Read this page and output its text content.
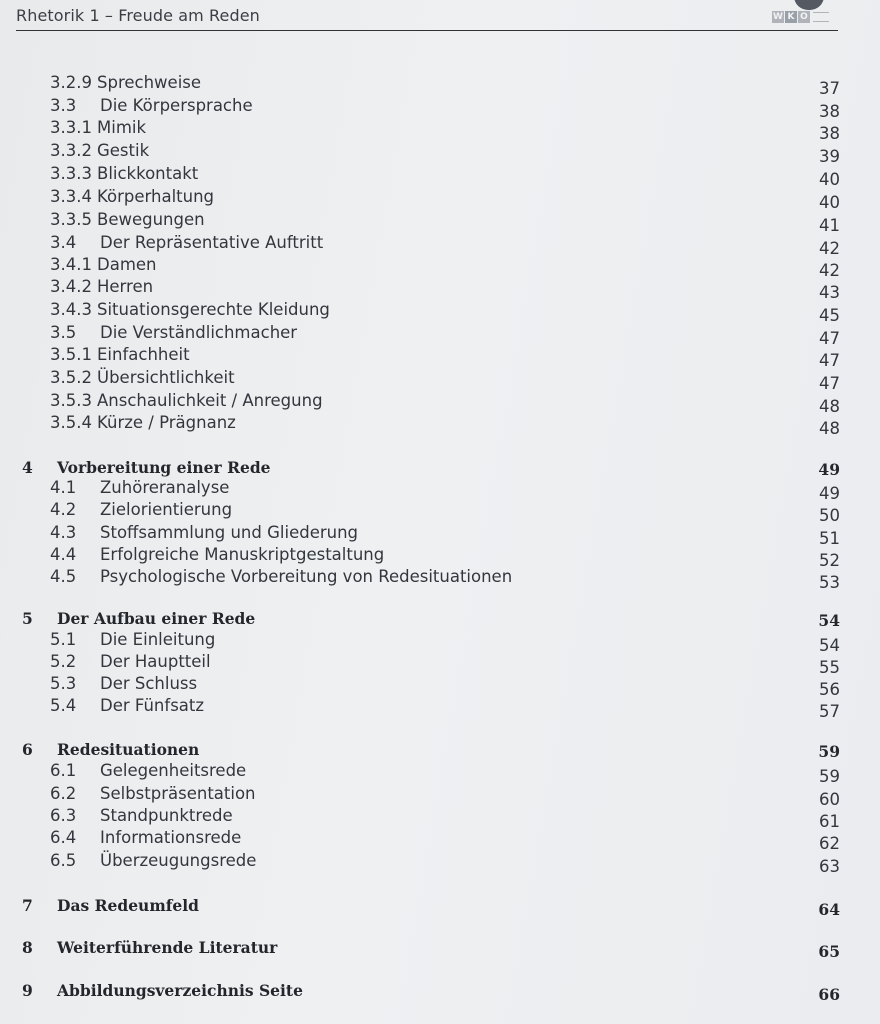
Rhetorik 1 – Freude am Reden	W K O
3.2.9 Sprechweise	37
3.3 Die Körpersprache	38
3.3.1 Mimik	38
3.3.2 Gestik	39
3.3.3 Blickkontakt	40
3.3.4 Körperhaltung	40
3.3.5 Bewegungen	41
3.4 Der Repräsentative Auftritt	42
3.4.1 Damen	42
3.4.2 Herren	43
3.4.3 Situationsgerechte Kleidung	45
3.5 Die Verständlichmacher	47
3.5.1 Einfachheit	47
3.5.2 Übersichtlichkeit	47
3.5.3 Anschaulichkeit / Anregung	48
3.5.4 Kürze / Prägnanz	48
4 Vorbereitung einer Rede	49
4.1 Zuhöreranalyse	49
4.2 Zielorientierung	50
4.3 Stoffsammlung und Gliederung	51
4.4 Erfolgreiche Manuskriptgestaltung	52
4.5 Psychologische Vorbereitung von Redesituationen	53
5 Der Aufbau einer Rede	54
5.1 Die Einleitung	54
5.2 Der Hauptteil	55
5.3 Der Schluss	56
5.4 Der Fünfsatz	57
6 Redesituationen	59
6.1 Gelegenheitsrede	59
6.2 Selbstpräsentation	60
6.3 Standpunktrede	61
6.4 Informationsrede	62
6.5 Überzeugungsrede	63
7 Das Redeumfeld	64
8 Weiterführende Literatur	65
9 Abbildungsverzeichnis Seite	66
